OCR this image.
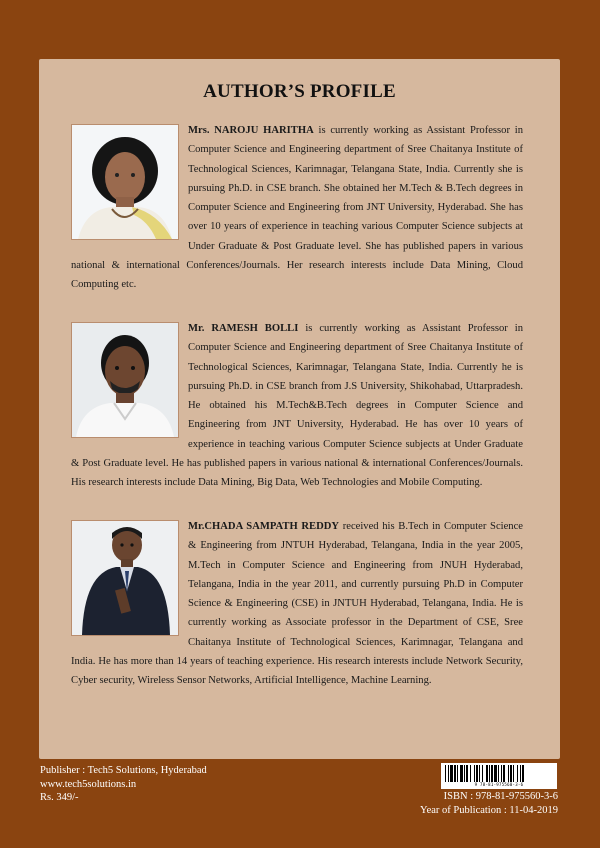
AUTHOR’S PROFILE
Mrs. NAROJU HARITHA is currently working as Assistant Professor in Computer Science and Engineering department of Sree Chaitanya Institute of Technological Sciences, Karimnagar, Telangana State, India. Currently she is pursuing Ph.D. in CSE branch. She obtained her M.Tech & B.Tech degrees in Computer Science and Engineering from JNT University, Hyderabad. She has over 10 years of experience in teaching various Computer Science subjects at Under Graduate & Post Graduate level. She has published papers in various national & international Conferences/Journals. Her research interests include Data Mining, Cloud Computing etc.
Mr. RAMESH BOLLI is currently working as Assistant Professor in Computer Science and Engineering department of Sree Chaitanya Institute of Technological Sciences, Karimnagar, Telangana State, India. Currently he is pursuing Ph.D. in CSE branch from J.S University, Shikohabad, Uttarpradesh. He obtained his M.Tech&B.Tech degrees in Computer Science and Engineering from JNT University, Hyderabad. He has over 10 years of experience in teaching various Computer Science subjects at Under Graduate & Post Graduate level. He has published papers in various national & international Conferences/Journals. His research interests include Data Mining, Big Data, Web Technologies and Mobile Computing.
Mr.CHADA SAMPATH REDDY received his B.Tech in Computer Science & Engineering from JNTUH Hyderabad, Telangana, India in the year 2005, M.Tech in Computer Science and Engineering from JNUH Hyderabad, Telangana, India in the year 2011, and currently pursuing Ph.D in Computer Science & Engineering (CSE) in JNTUH Hyderabad, Telangana, India. He is currently working as Associate professor in the Department of CSE, Sree Chaitanya Institute of Technological Sciences, Karimnagar, Telangana and India. He has more than 14 years of teaching experience. His research interests include Network Security, Cyber security, Wireless Sensor Networks, Artificial Intelligence, Machine Learning.
Publisher : Tech5 Solutions, Hyderabad
www.tech5solutions.in
Rs. 349/-
9 78-81-975560-3-6
ISBN : 978-81-975560-3-6
Year of Publication : 11-04-2019
